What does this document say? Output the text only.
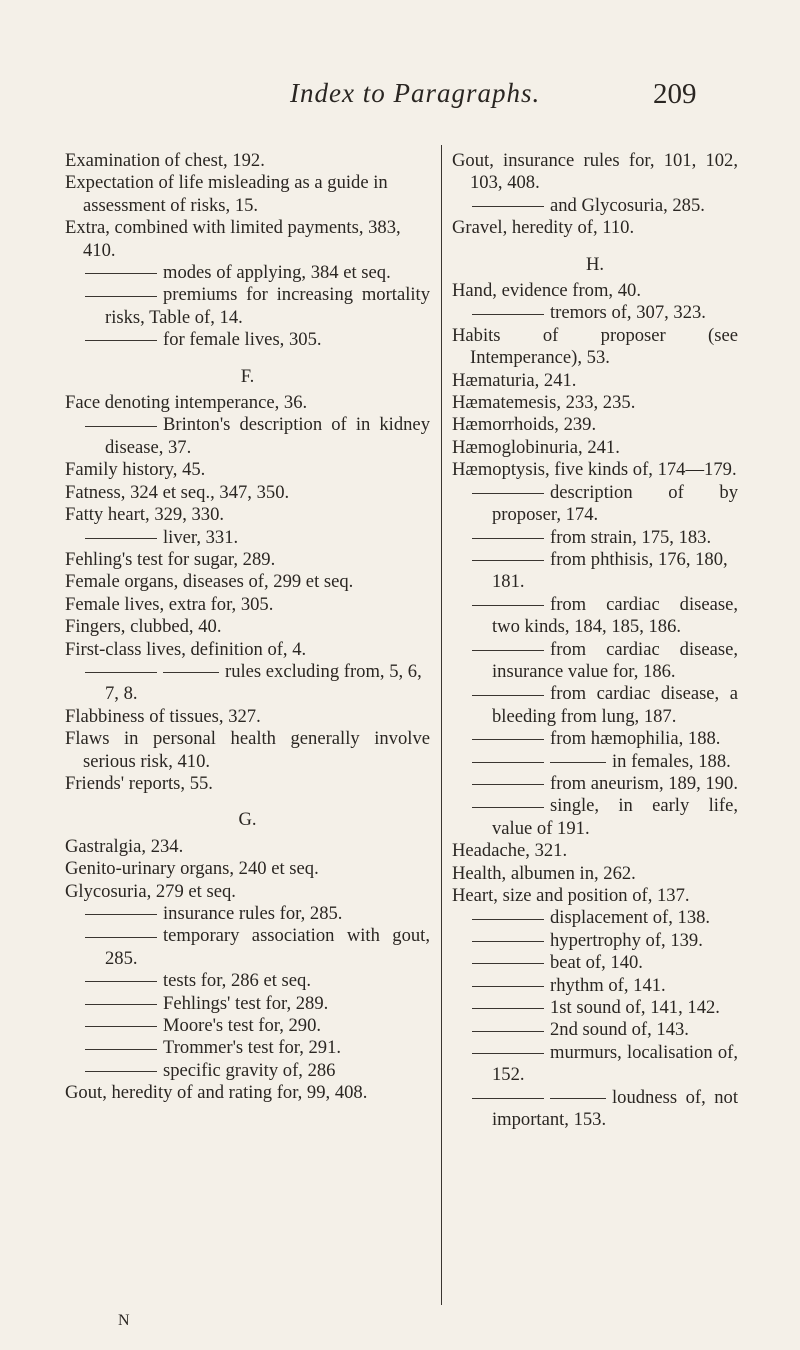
Index to Paragraphs.	209

Examination of chest, 192.

Expectation of life misleading as a guide in assessment of risks, 15.

Extra, combined with limited payments, 383, 410.

modes of applying, 384 et seq.

premiums for increasing mortality risks, Table of, 14.

for female lives, 305.

F.

Face denoting intemperance, 36.

Brinton's description of in kidney disease, 37.

Family history, 45.

Fatness, 324 et seq., 347, 350.

Fatty heart, 329, 330.

liver, 331.

Fehling's test for sugar, 289.

Female organs, diseases of, 299 et seq.

Female lives, extra for, 305.

Fingers, clubbed, 40.

First-class lives, definition of, 4.

rules excluding from, 5, 6, 7, 8.

Flabbiness of tissues, 327.

Flaws in personal health generally involve serious risk, 410.

Friends' reports, 55.

G.

Gastralgia, 234.

Genito-urinary organs, 240 et seq.

Glycosuria, 279 et seq.

insurance rules for, 285.

temporary association with gout, 285.

tests for, 286 et seq.

Fehlings' test for, 289.

Moore's test for, 290.

Trommer's test for, 291.

specific gravity of, 286

Gout, heredity of and rating for, 99, 408.

Gout, insurance rules for, 101, 102, 103, 408.

and Glycosuria, 285.

Gravel, heredity of, 110.

H.

Hand, evidence from, 40.

tremors of, 307, 323.

Habits of proposer (see Intemperance), 53.

Hæmaturia, 241.

Hæmatemesis, 233, 235.

Hæmorrhoids, 239.

Hæmoglobinuria, 241.

Hæmoptysis, five kinds of, 174—179.

description of by proposer, 174.

from strain, 175, 183.

from phthisis, 176, 180, 181.

from cardiac disease, two kinds, 184, 185, 186.

from cardiac disease, insurance value for, 186.

from cardiac disease, a bleeding from lung, 187.

from hæmophilia, 188.

in females, 188.

from aneurism, 189, 190.

single, in early life, value of 191.

Headache, 321.

Health, albumen in, 262.

Heart, size and position of, 137.

displacement of, 138.

hypertrophy of, 139.

beat of, 140.

rhythm of, 141.

1st sound of, 141, 142.

2nd sound of, 143.

murmurs, localisation of, 152.

loudness of, not important, 153.

N
